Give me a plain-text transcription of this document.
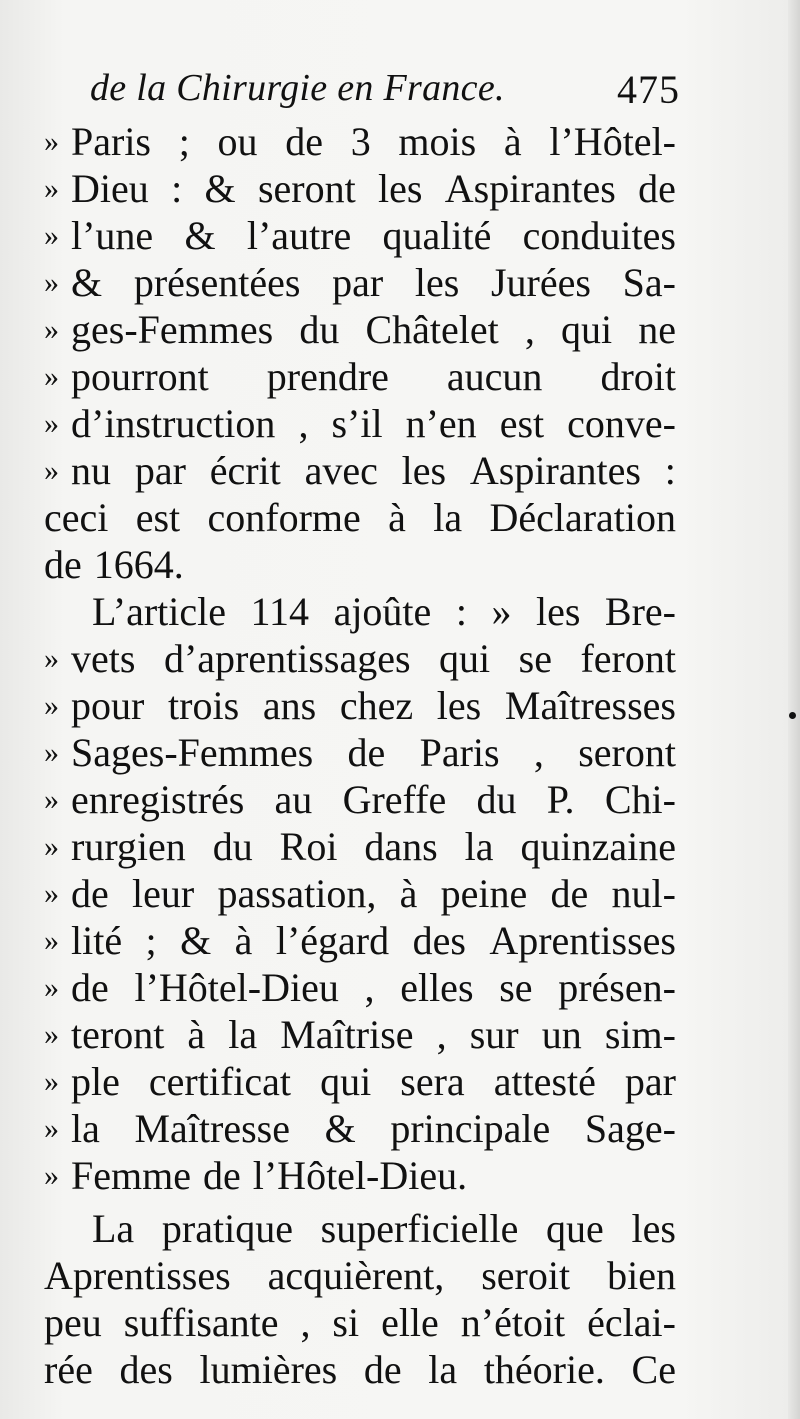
de la Chirurgie en France.	475
» Paris ; ou de 3 mois à l’Hôtel-
» Dieu : & seront les Aspirantes de
» l’une & l’autre qualité conduites
» & présentées par les Jurées Sa-
» ges-Femmes du Châtelet , qui ne
» pourront prendre aucun droit
» d’instruction , s’il n’en est conve-
» nu par écrit avec les Aspirantes :
ceci est conforme à la Déclaration
de 1664.
L’article 114 ajoûte : » les Bre-
» vets d’aprentissages qui se feront
» pour trois ans chez les Maîtresses
» Sages-Femmes de Paris , seront
» enregistrés au Greffe du P. Chi-
» rurgien du Roi dans la quinzaine
» de leur passation, à peine de nul-
» lité ; & à l’égard des Aprentisses
» de l’Hôtel-Dieu , elles se présen-
» teront à la Maîtrise , sur un sim-
» ple certificat qui sera attesté par
» la Maîtresse & principale Sage-
» Femme de l’Hôtel-Dieu.
La pratique superficielle que les
Aprentisses acquièrent, seroit bien
peu suffisante , si elle n’étoit éclai-
rée des lumières de la théorie. Ce
